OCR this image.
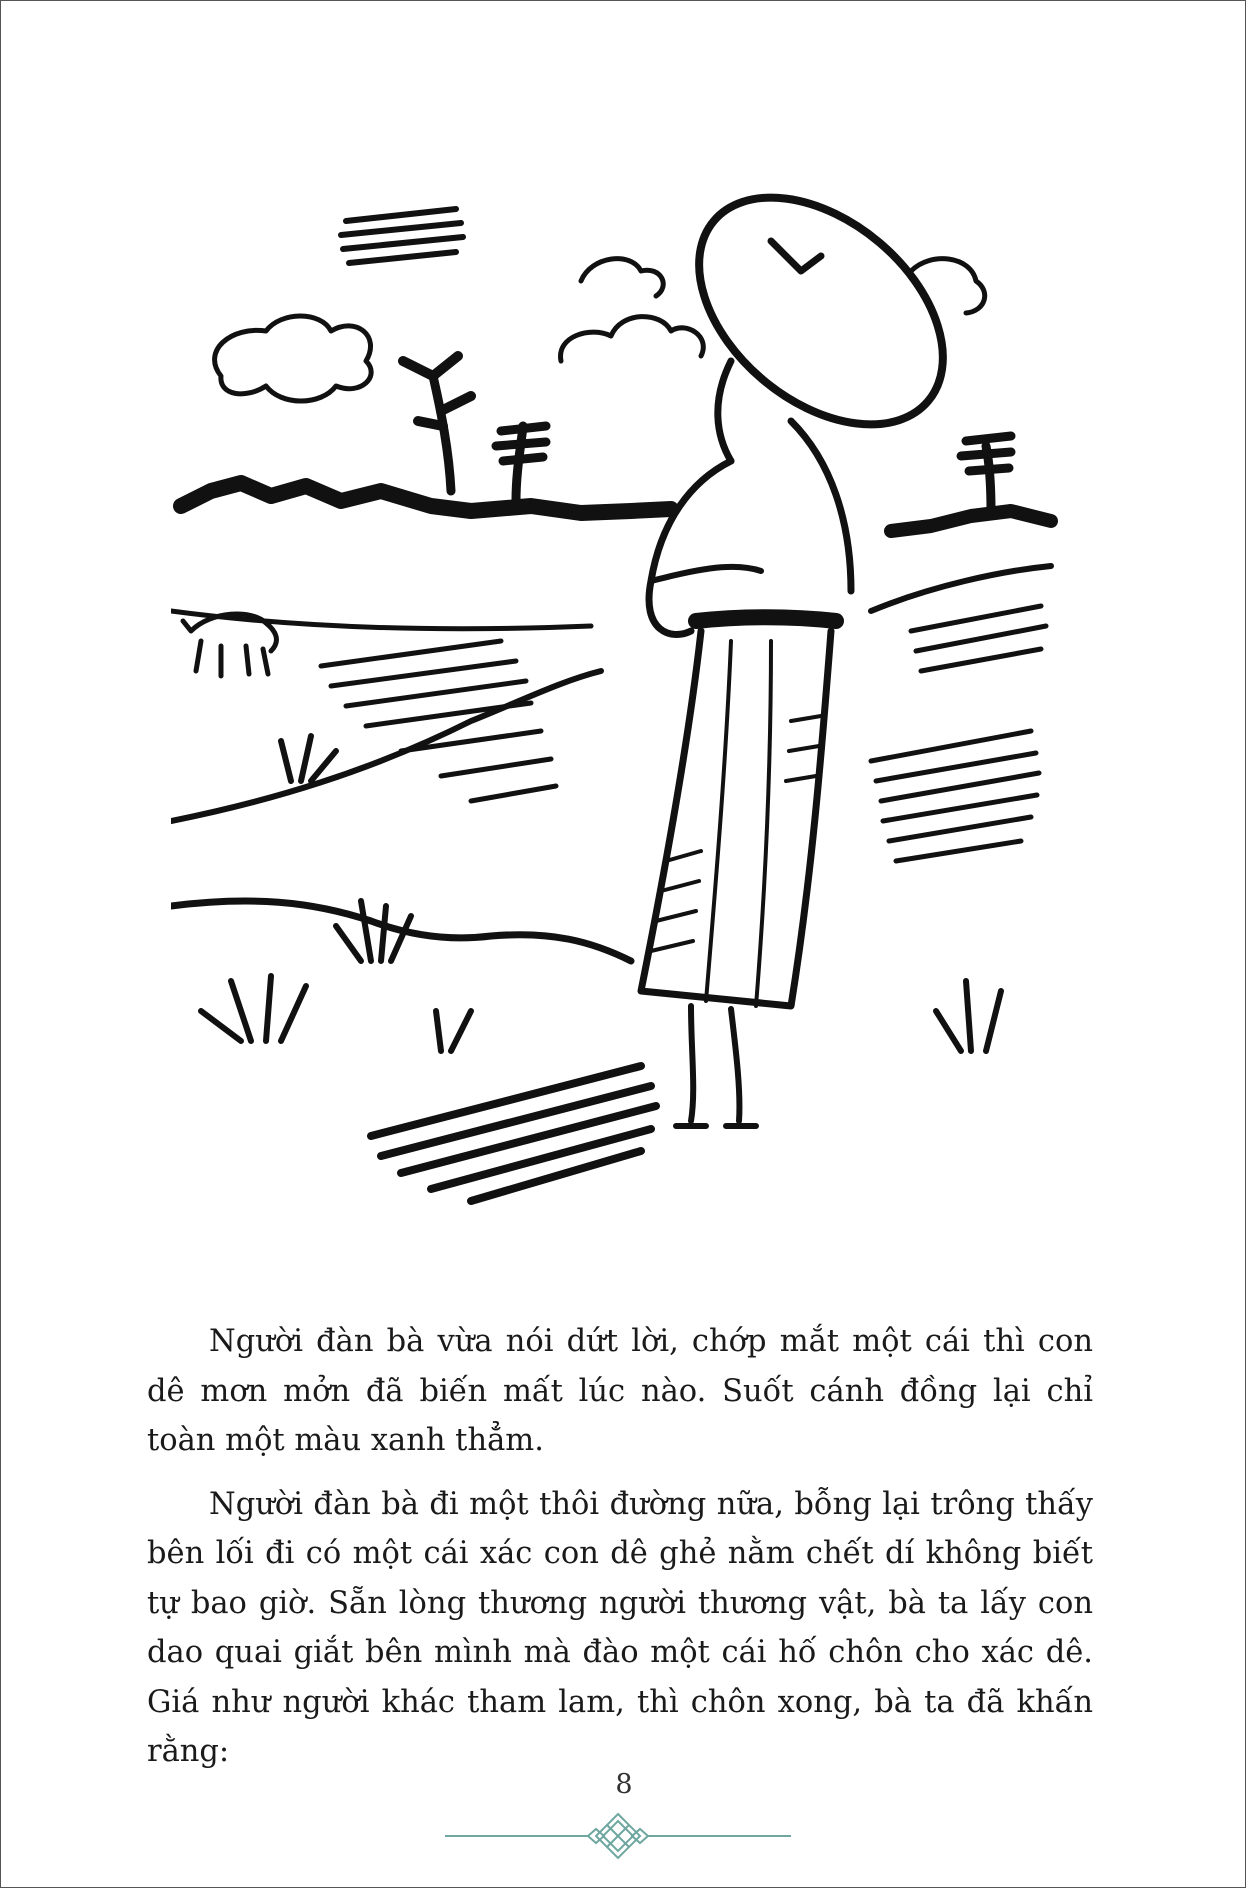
Người đàn bà vừa nói dứt lời, chớp mắt một cái thì con dê mơn mởn đã biến mất lúc nào. Suốt cánh đồng lại chỉ toàn một màu xanh thẳm.

Người đàn bà đi một thôi đường nữa, bỗng lại trông thấy bên lối đi có một cái xác con dê ghẻ nằm chết dí không biết tự bao giờ. Sẵn lòng thương người thương vật, bà ta lấy con dao quai giắt bên mình mà đào một cái hố chôn cho xác dê. Giá như người khác tham lam, thì chôn xong, bà ta đã khấn rằng:

8
